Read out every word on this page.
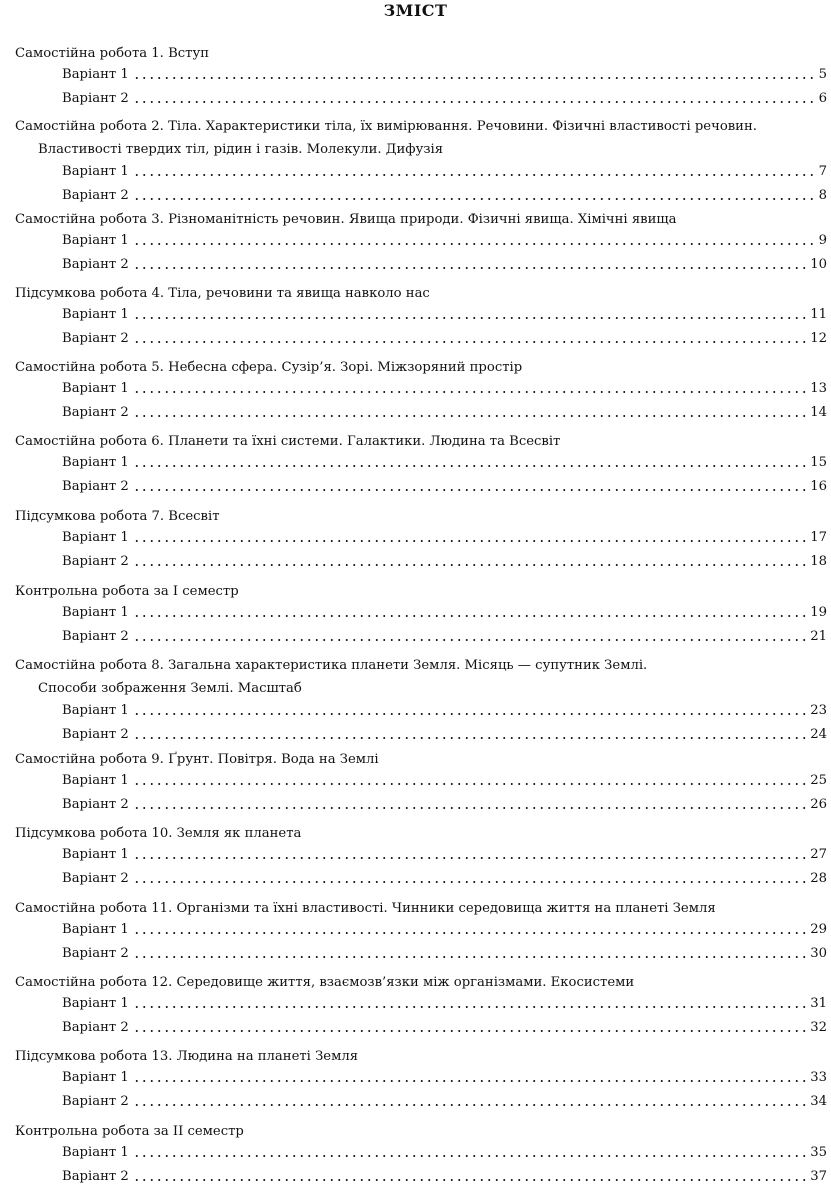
ЗМІСТ
Самостійна робота 1. Вступ
Варіант 1	5
Варіант 2	6
Самостійна робота 2. Тіла. Характеристики тіла, їх вимірювання. Речовини. Фізичні властивості речовин.
Властивості твердих тіл, рідин і газів. Молекули. Дифузія
Варіант 1	7
Варіант 2	8
Самостійна робота 3. Різноманітність речовин. Явища природи. Фізичні явища. Хімічні явища
Варіант 1	9
Варіант 2	10
Підсумкова робота 4. Тіла, речовини та явища навколо нас
Варіант 1	11
Варіант 2	12
Самостійна робота 5. Небесна сфера. Сузір’я. Зорі. Міжзоряний простір
Варіант 1	13
Варіант 2	14
Самостійна робота 6. Планети та їхні системи. Галактики. Людина та Всесвіт
Варіант 1	15
Варіант 2	16
Підсумкова робота 7. Всесвіт
Варіант 1	17
Варіант 2	18
Контрольна робота за I семестр
Варіант 1	19
Варіант 2	21
Самостійна робота 8. Загальна характеристика планети Земля. Місяць — супутник Землі.
Способи зображення Землі. Масштаб
Варіант 1	23
Варіант 2	24
Самостійна робота 9. Ґрунт. Повітря. Вода на Землі
Варіант 1	25
Варіант 2	26
Підсумкова робота 10. Земля як планета
Варіант 1	27
Варіант 2	28
Самостійна робота 11. Організми та їхні властивості. Чинники середовища життя на планеті Земля
Варіант 1	29
Варіант 2	30
Самостійна робота 12. Середовище життя, взаємозв’язки між організмами. Екосистеми
Варіант 1	31
Варіант 2	32
Підсумкова робота 13. Людина на планеті Земля
Варіант 1	33
Варіант 2	34
Контрольна робота за II семестр
Варіант 1	35
Варіант 2	37
